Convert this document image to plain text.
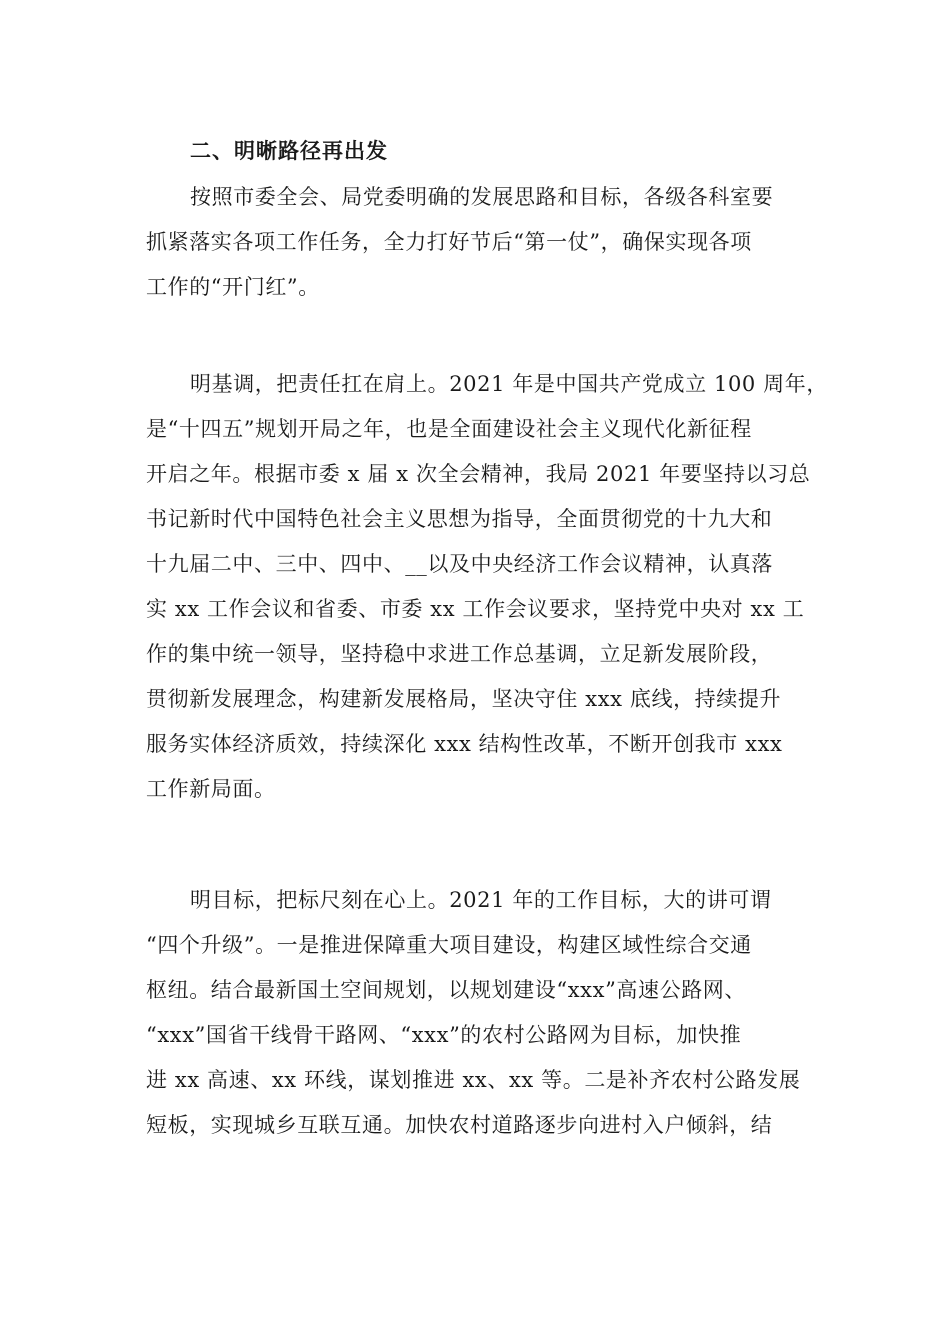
二、明晰路径再出发
按照市委全会、局党委明确的发展思路和目标，各级各科室要
抓紧落实各项工作任务，全力打好节后“第一仗”，确保实现各项
工作的“开门红”。
明基调，把责任扛在肩上。2021 年是中国共产党成立 100 周年，
是“十四五”规划开局之年，也是全面建设社会主义现代化新征程
开启之年。根据市委 x 届 x 次全会精神，我局 2021 年要坚持以习总
书记新时代中国特色社会主义思想为指导，全面贯彻党的十九大和
十九届二中、三中、四中、__以及中央经济工作会议精神，认真落
实 xx 工作会议和省委、市委 xx 工作会议要求，坚持党中央对 xx 工
作的集中统一领导，坚持稳中求进工作总基调，立足新发展阶段，
贯彻新发展理念，构建新发展格局，坚决守住 xxx 底线，持续提升
服务实体经济质效，持续深化 xxx 结构性改革，不断开创我市 xxx
工作新局面。
明目标，把标尺刻在心上。2021 年的工作目标，大的讲可谓
“四个升级”。一是推进保障重大项目建设，构建区域性综合交通
枢纽。结合最新国土空间规划，以规划建设“xxx”高速公路网、
“xxx”国省干线骨干路网、“xxx”的农村公路网为目标，加快推
进 xx 高速、xx 环线，谋划推进 xx、xx 等。二是补齐农村公路发展
短板，实现城乡互联互通。加快农村道路逐步向进村入户倾斜，结
